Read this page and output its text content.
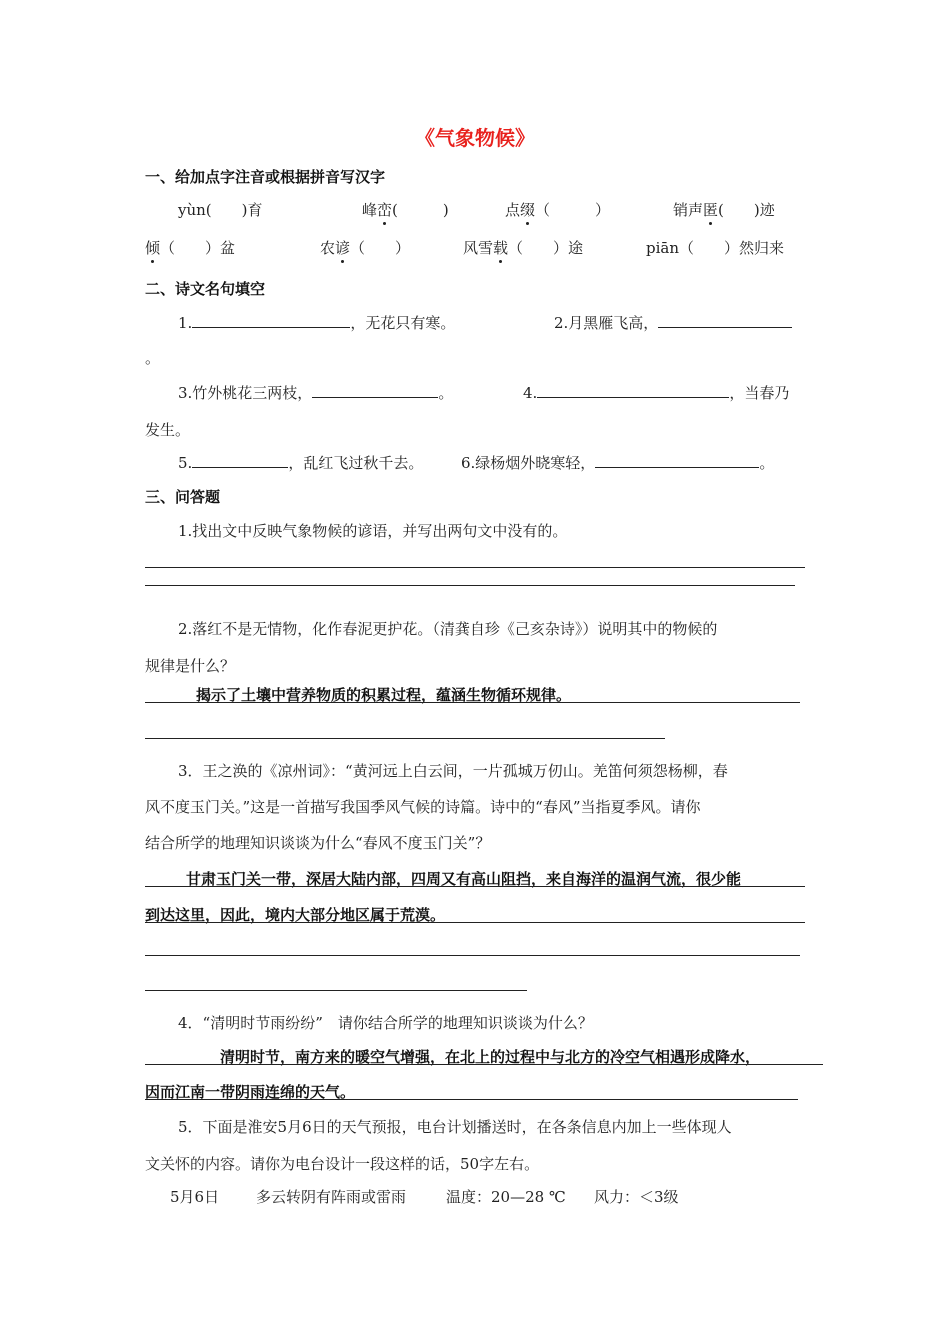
《气象物候》
一、给加点字注音或根据拼音写汉字
yùn(　　 )育	峰峦(　　　)	点缀（　　　）	销声匿(　　)迹
倾（　　）盆	农谚（　　）	风雪载（　　）途	piān（　　 ）然归来
二、诗文名句填空
1.	，无花只有寒。	2.月黑雁飞高，
。
3.竹外桃花三两枝，	。	4.	，当春乃
发生。
5.	，乱红飞过秋千去。	6.绿杨烟外晓寒轻，	。
三、问答题
1.找出文中反映气象物候的谚语，并写出两句文中没有的。
2.落红不是无情物，化作春泥更护花。（清龚自珍《己亥杂诗》）说明其中的物候的
规律是什么？
揭示了土壤中营养物质的积累过程，蕴涵生物循环规律。
3．王之涣的《凉州词》：“黄河远上白云间，一片孤城万仞山。羌笛何须怨杨柳，春
风不度玉门关。”这是一首描写我国季风气候的诗篇。诗中的“春风”当指夏季风。请你
结合所学的地理知识谈谈为什么“春风不度玉门关”？
甘肃玉门关一带，深居大陆内部，四周又有高山阻挡，来自海洋的温润气流，很少能
到达这里，因此，境内大部分地区属于荒漠。
4．“清明时节雨纷纷”　请你结合所学的地理知识谈谈为什么？
清明时节，南方来的暖空气增强，在北上的过程中与北方的冷空气相遇形成降水，
因而江南一带阴雨连绵的天气。
5．下面是淮安5月6日的天气预报，电台计划播送时，在各条信息内加上一些体现人
文关怀的内容。请你为电台设计一段这样的话，50字左右。
5月6日 多云转阴有阵雨或雷雨	温度：20—28 ℃ 风力：＜3级
